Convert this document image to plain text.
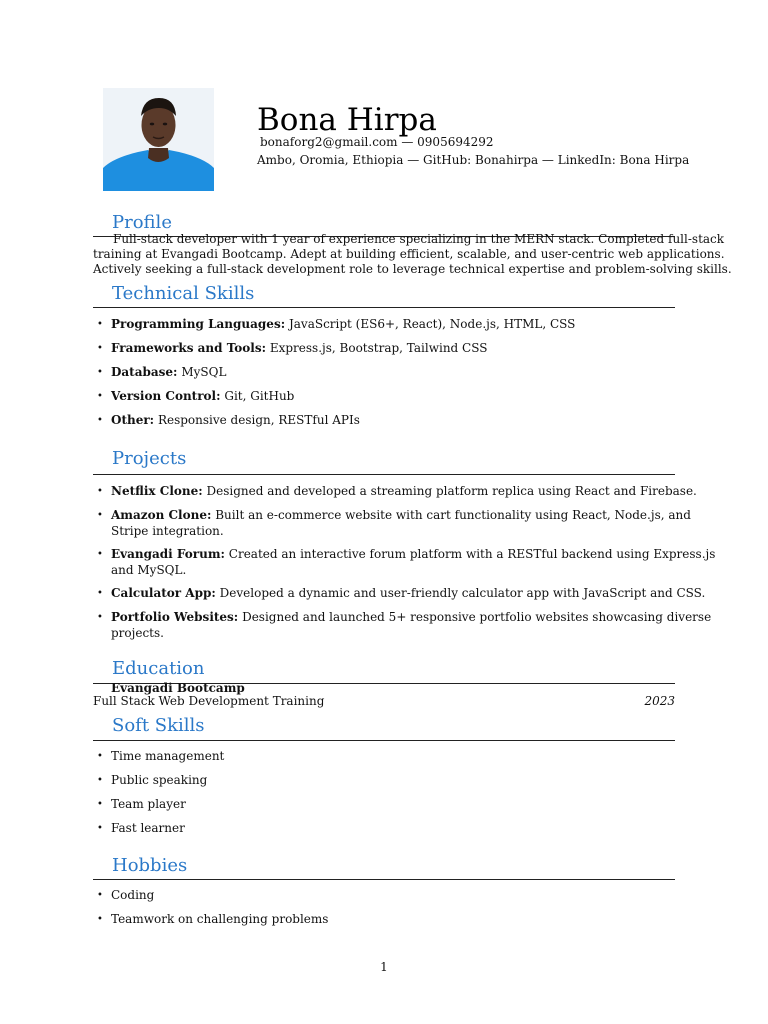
Bona Hirpa
bonaforg2@gmail.com — 0905694292
Ambo, Oromia, Ethiopia — GitHub: Bonahirpa — LinkedIn: Bona Hirpa
Profile
Full-stack developer with 1 year of experience specializing in the MERN stack. Completed full-stack
training at Evangadi Bootcamp. Adept at building efficient, scalable, and user-centric web applications.
Actively seeking a full-stack development role to leverage technical expertise and problem-solving skills.
Technical Skills
• Programming Languages: JavaScript (ES6+, React), Node.js, HTML, CSS
• Frameworks and Tools: Express.js, Bootstrap, Tailwind CSS
• Database: MySQL
• Version Control: Git, GitHub
• Other: Responsive design, RESTful APIs
Projects
• Netflix Clone: Designed and developed a streaming platform replica using React and Firebase.
• Amazon Clone: Built an e-commerce website with cart functionality using React, Node.js, and
Stripe integration.
• Evangadi Forum: Created an interactive forum platform with a RESTful backend using Express.js
and MySQL.
• Calculator App: Developed a dynamic and user-friendly calculator app with JavaScript and CSS.
• Portfolio Websites: Designed and launched 5+ responsive portfolio websites showcasing diverse
projects.
Education
Evangadi Bootcamp
Full Stack Web Development Training	2023
Soft Skills
• Time management
• Public speaking
• Team player
• Fast learner
Hobbies
• Coding
• Teamwork on challenging problems
1
